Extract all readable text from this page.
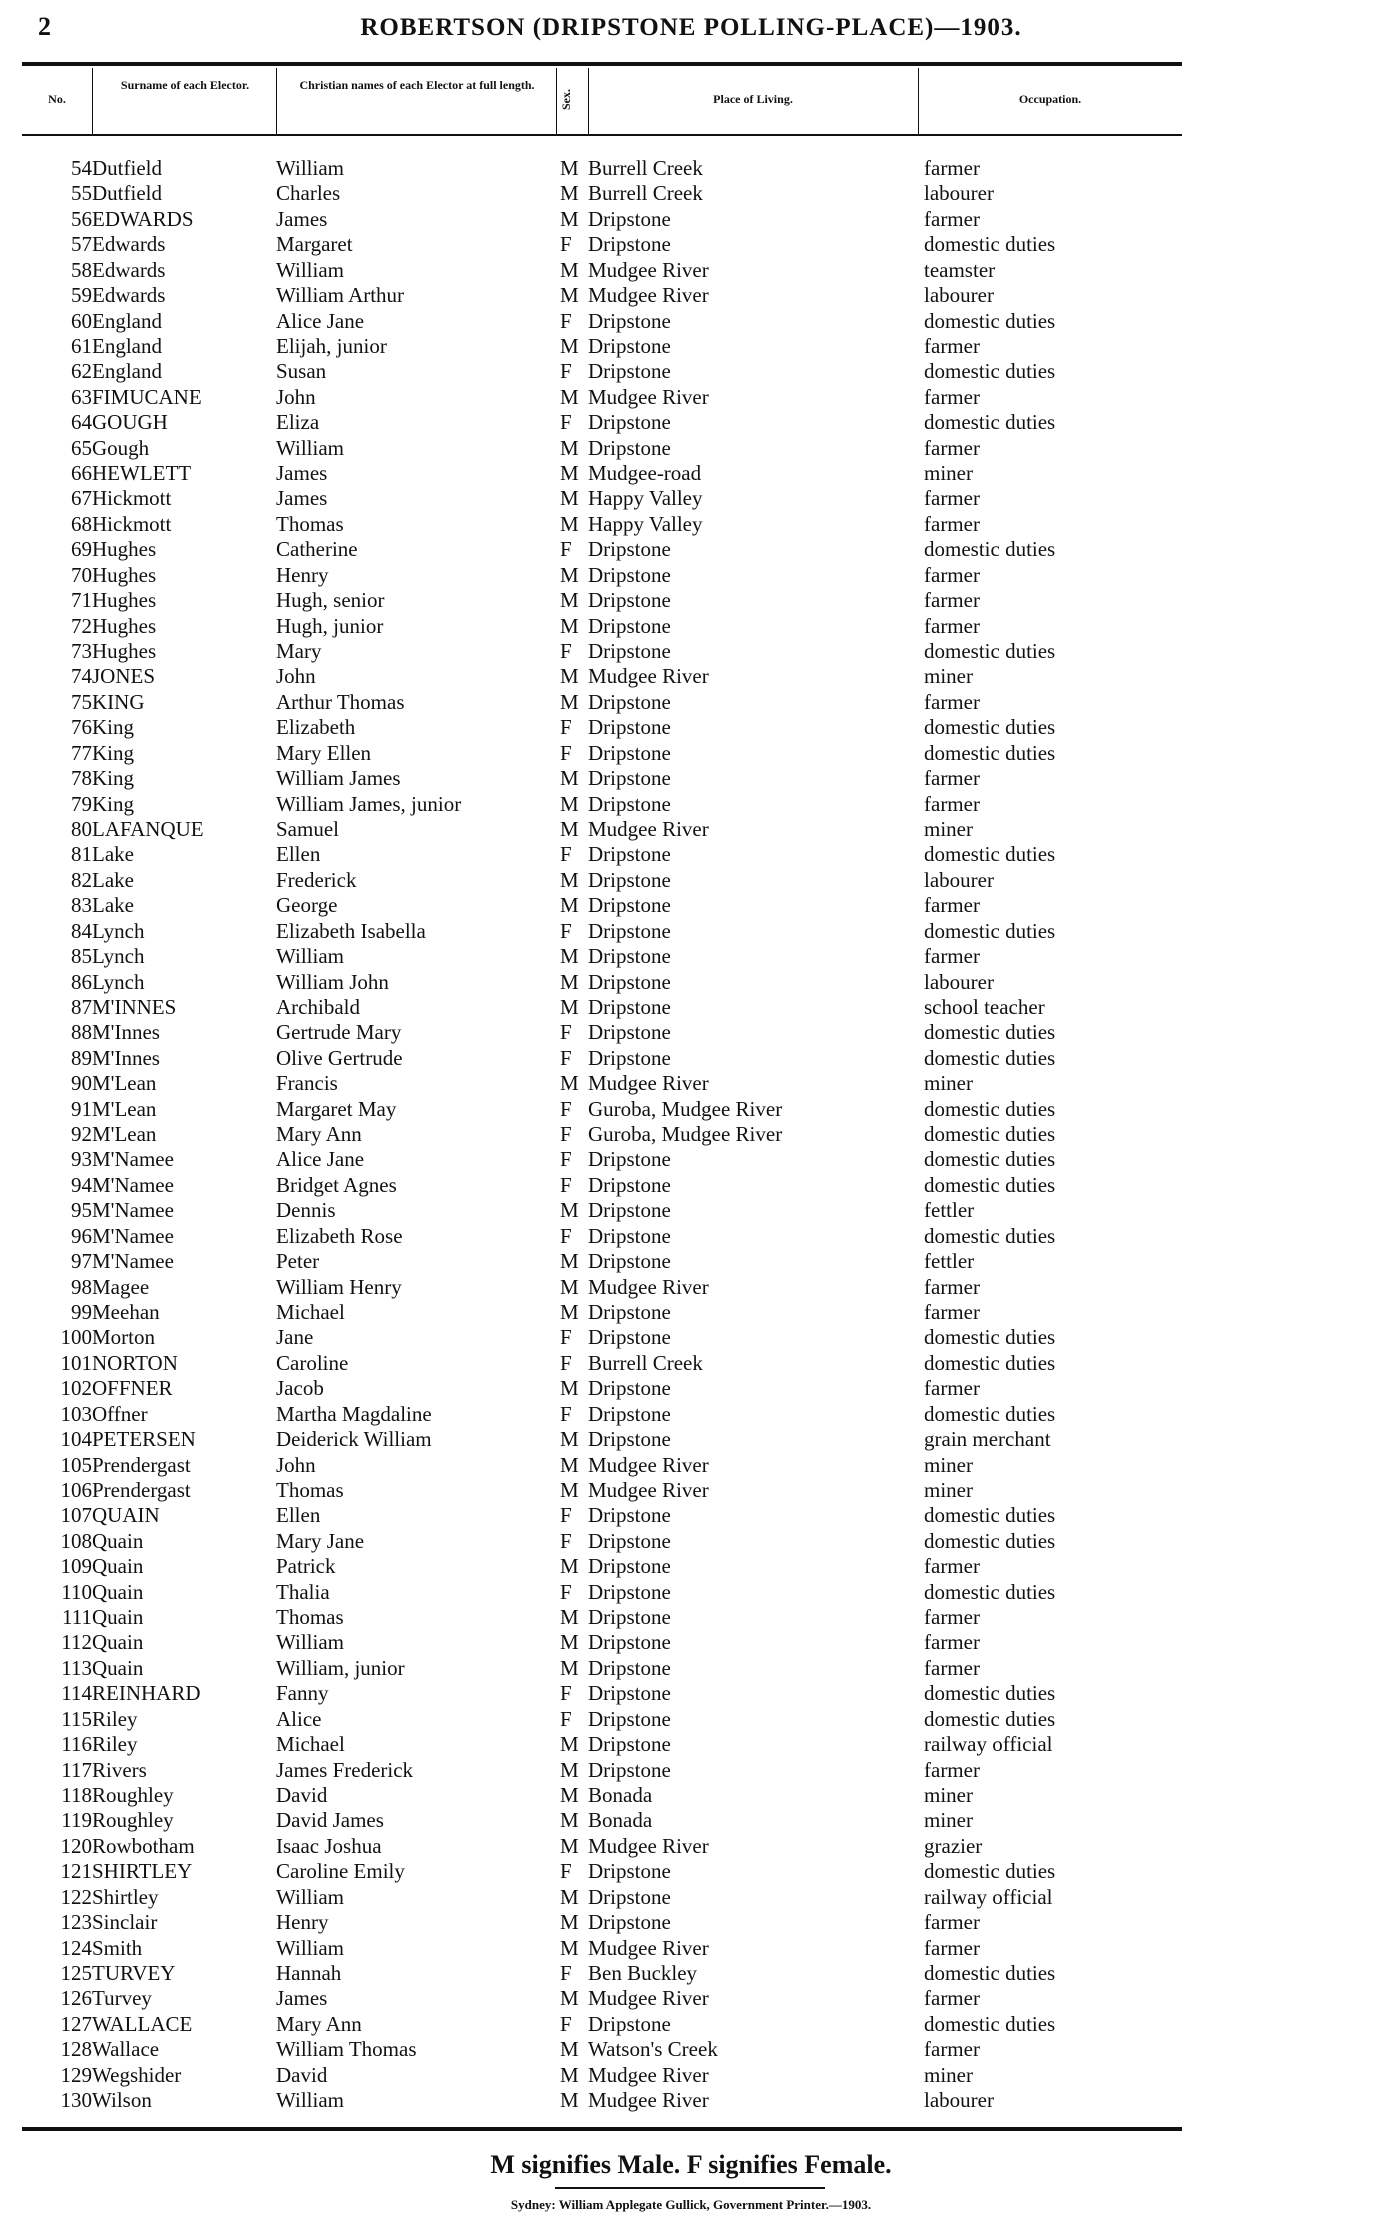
2	ROBERTSON (DRIPSTONE POLLING-PLACE)—1903.
No.
Surname of each Elector.	Christian names of each Elector at full length.
Sex.	Place of Living.	Occupation.
54 Dutfield	William	M Burrell Creek	farmer
55 Dutfield	Charles	M Burrell Creek	labourer
56 EDWARDS	James	M Dripstone	farmer
57 Edwards	Margaret	F Dripstone	domestic duties
58 Edwards	William	M Mudgee River	teamster
59 Edwards	William Arthur	M Mudgee River	labourer
60 England	Alice Jane	F Dripstone	domestic duties
61 England	Elijah, junior	M Dripstone	farmer
62 England	Susan	F Dripstone	domestic duties
63 FIMUCANE	John	M Mudgee River	farmer
64 GOUGH	Eliza	F Dripstone	domestic duties
65 Gough	William	M Dripstone	farmer
66 HEWLETT	James	M Mudgee-road	miner
67 Hickmott	James	M Happy Valley	farmer
68 Hickmott	Thomas	M Happy Valley	farmer
69 Hughes	Catherine	F Dripstone	domestic duties
70 Hughes	Henry	M Dripstone	farmer
71 Hughes	Hugh, senior	M Dripstone	farmer
72 Hughes	Hugh, junior	M Dripstone	farmer
73 Hughes	Mary	F Dripstone	domestic duties
74 JONES	John	M Mudgee River	miner
75 KING	Arthur Thomas	M Dripstone	farmer
76 King	Elizabeth	F Dripstone	domestic duties
77 King	Mary Ellen	F Dripstone	domestic duties
78 King	William James	M Dripstone	farmer
79 King	William James, junior	M Dripstone	farmer
80 LAFANQUE	Samuel	M Mudgee River	miner
81 Lake	Ellen	F Dripstone	domestic duties
82 Lake	Frederick	M Dripstone	labourer
83 Lake	George	M Dripstone	farmer
84 Lynch	Elizabeth Isabella	F Dripstone	domestic duties
85 Lynch	William	M Dripstone	farmer
86 Lynch	William John	M Dripstone	labourer
87 M'INNES	Archibald	M Dripstone	school teacher
88 M'Innes	Gertrude Mary	F Dripstone	domestic duties
89 M'Innes	Olive Gertrude	F Dripstone	domestic duties
90 M'Lean	Francis	M Mudgee River	miner
91 M'Lean	Margaret May	F Guroba, Mudgee River	domestic duties
92 M'Lean	Mary Ann	F Guroba, Mudgee River	domestic duties
93 M'Namee	Alice Jane	F Dripstone	domestic duties
94 M'Namee	Bridget Agnes	F Dripstone	domestic duties
95 M'Namee	Dennis	M Dripstone	fettler
96 M'Namee	Elizabeth Rose	F Dripstone	domestic duties
97 M'Namee	Peter	M Dripstone	fettler
98 Magee	William Henry	M Mudgee River	farmer
99 Meehan	Michael	M Dripstone	farmer
100 Morton	Jane	F Dripstone	domestic duties
101 NORTON	Caroline	F Burrell Creek	domestic duties
102 OFFNER	Jacob	M Dripstone	farmer
103 Offner	Martha Magdaline	F Dripstone	domestic duties
104 PETERSEN	Deiderick William	M Dripstone	grain merchant
105 Prendergast	John	M Mudgee River	miner
106 Prendergast	Thomas	M Mudgee River	miner
107 QUAIN	Ellen	F Dripstone	domestic duties
108 Quain	Mary Jane	F Dripstone	domestic duties
109 Quain	Patrick	M Dripstone	farmer
110 Quain	Thalia	F Dripstone	domestic duties
111 Quain	Thomas	M Dripstone	farmer
112 Quain	William	M Dripstone	farmer
113 Quain	William, junior	M Dripstone	farmer
114 REINHARD	Fanny	F Dripstone	domestic duties
115 Riley	Alice	F Dripstone	domestic duties
116 Riley	Michael	M Dripstone	railway official
117 Rivers	James Frederick	M Dripstone	farmer
118 Roughley	David	M Bonada	miner
119 Roughley	David James	M Bonada	miner
120 Rowbotham	Isaac Joshua	M Mudgee River	grazier
121 SHIRTLEY	Caroline Emily	F Dripstone	domestic duties
122 Shirtley	William	M Dripstone	railway official
123 Sinclair	Henry	M Dripstone	farmer
124 Smith	William	M Mudgee River	farmer
125 TURVEY	Hannah	F Ben Buckley	domestic duties
126 Turvey	James	M Mudgee River	farmer
127 WALLACE	Mary Ann	F Dripstone	domestic duties
128 Wallace	William Thomas	M Watson's Creek	farmer
129 Wegshider	David	M Mudgee River	miner
130 Wilson	William	M Mudgee River	labourer
M signifies Male. F signifies Female.
Sydney: William Applegate Gullick, Government Printer.—1903.
